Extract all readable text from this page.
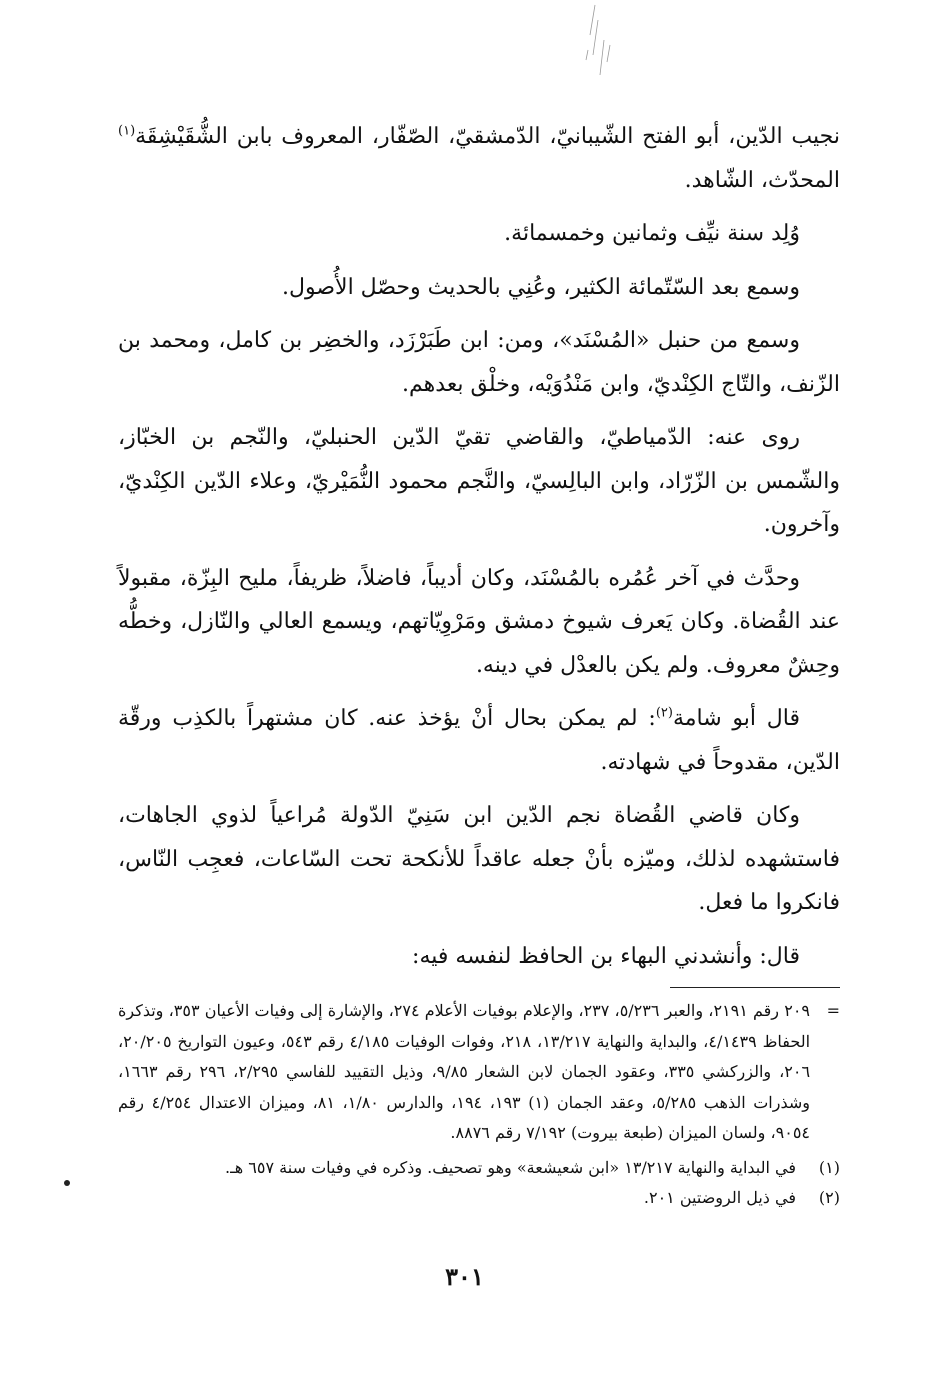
نجيب الدّين، أبو الفتح الشّيبانيّ، الدّمشقيّ، الصّفّار، المعروف بابن الشُّقَيْشِقَة$^{(١)}$ المحدّث، الشّاهد.

وُلِد سنة نيِّف وثمانين وخمسمائة.

وسمع بعد السّتّمائة الكثير، وعُنِي بالحديث وحصّل الأُصول.

وسمع من حنبل «المُسْنَد»، ومن: ابن طَبَرْزَد، والخضِر بن كامل، ومحمد بن الزّنف، والتّاج الكِنْديّ، وابن مَنْدُوَيْه، وخلْق بعدهم.

روى عنه: الدّمياطيّ، والقاضي تقيّ الدّين الحنبليّ، والنّجم بن الخبّاز، والشّمس بن الزّرّاد، وابن البالِسيّ، والنَّجم محمود النُّمَيْريّ، وعلاء الدّين الكِنْديّ، وآخرون.

وحدَّث في آخر عُمُره بالمُسْنَد، وكان أديباً، فاضلاً، ظريفاً، مليح البِزّة، مقبولاً عند القُضاة. وكان يَعرف شيوخ دمشق ومَرْوِيّاتهم، ويسمع العالي والنّازل، وخطُّه وحِشٌ معروف. ولم يكن بالعدْل في دينه.

قال أبو شامة$^{(٢)}$: لم يمكن بحال أنْ يؤخذ عنه. كان مشتهراً بالكذِب ورقّة الدّين، مقدوحاً في شهادته.

وكان قاضي القُضاة نجم الدّين ابن سَنِيّ الدّولة مُراعياً لذوي الجاهات، فاستشهده لذلك، وميّزه بأنْ جعله عاقداً للأنكحة تحت السّاعات، فعجِب النّاس، فانكروا ما فعل.

قال: وأنشدني البهاء بن الحافظ لنفسه فيه:

=
٢٠٩ رقم ٢١٩١، والعبر ٥/٢٣٦، ٢٣٧، والإعلام بوفيات الأعلام ٢٧٤، والإشارة إلى وفيات الأعيان ٣٥٣، وتذكرة الحفاظ ٤/١٤٣٩، والبداية والنهاية ١٣/٢١٧، ٢١٨، وفوات الوفيات ٤/١٨٥ رقم ٥٤٣، وعيون التواريخ ٢٠/٢٠٥، ٢٠٦، والزركشي ٣٣٥، وعقود الجمان لابن الشعار ٩/٨٥، وذيل التقييد للفاسي ٢/٢٩٥، ٢٩٦ رقم ١٦٦٣، وشذرات الذهب ٥/٢٨٥، وعقد الجمان (١) ١٩٣، ١٩٤، والدارس ١/٨٠، ٨١، وميزان الاعتدال ٤/٢٥٤ رقم ٩٠٥٤، ولسان الميزان (طبعة بيروت) ٧/١٩٢ رقم ٨٨٧٦.

(١)
في البداية والنهاية ١٣/٢١٧ «ابن شعيشعة» وهو تصحيف. وذكره في وفيات سنة ٦٥٧ هـ.

(٢)
في ذيل الروضتين ٢٠١.

٣٠١
